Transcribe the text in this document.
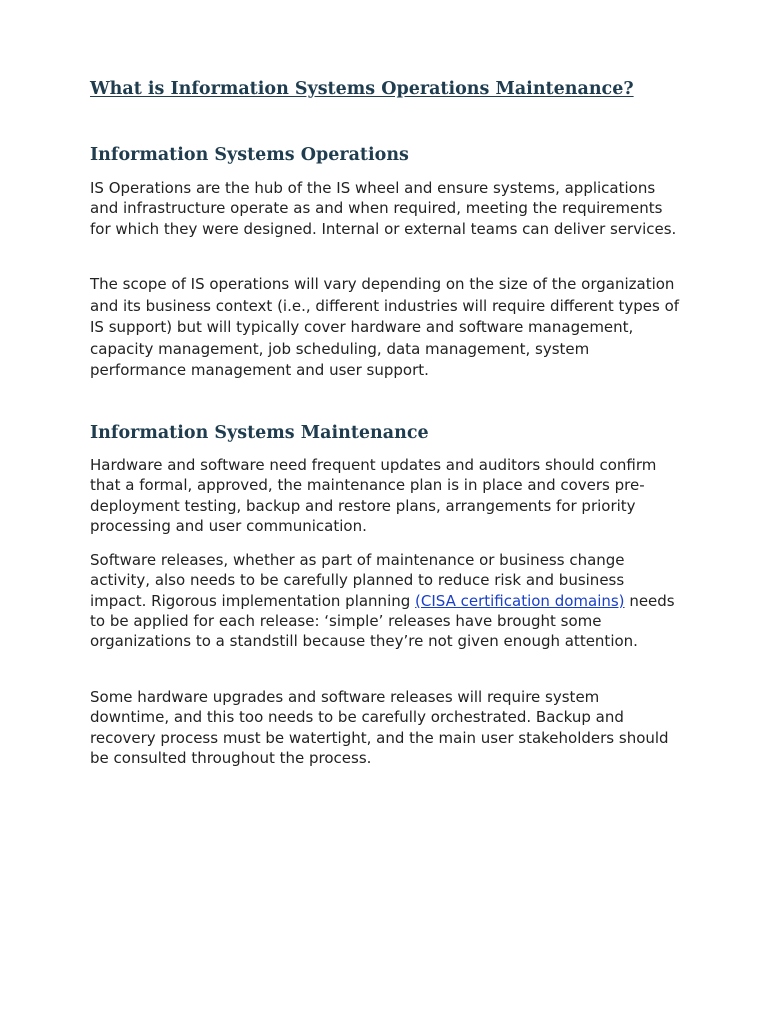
What is Information Systems Operations Maintenance?
Information Systems Operations

IS Operations are the hub of the IS wheel and ensure systems, applications and infrastructure operate as and when required, meeting the requirements for which they were designed. Internal or external teams can deliver services.

The scope of IS operations will vary depending on the size of the organization and its business context (i.e., different industries will require different types of IS support) but will typically cover hardware and software management, capacity management, job scheduling, data management, system performance management and user support.

Information Systems Maintenance

Hardware and software need frequent updates and auditors should confirm that a formal, approved, the maintenance plan is in place and covers pre-deployment testing, backup and restore plans, arrangements for priority processing and user communication.

Software releases, whether as part of maintenance or business change activity, also needs to be carefully planned to reduce risk and business impact. Rigorous implementation planning (CISA certification domains) needs to be applied for each release: ‘simple’ releases have brought some organizations to a standstill because they’re not given enough attention.

Some hardware upgrades and software releases will require system downtime, and this too needs to be carefully orchestrated. Backup and recovery process must be watertight, and the main user stakeholders should be consulted throughout the process.
